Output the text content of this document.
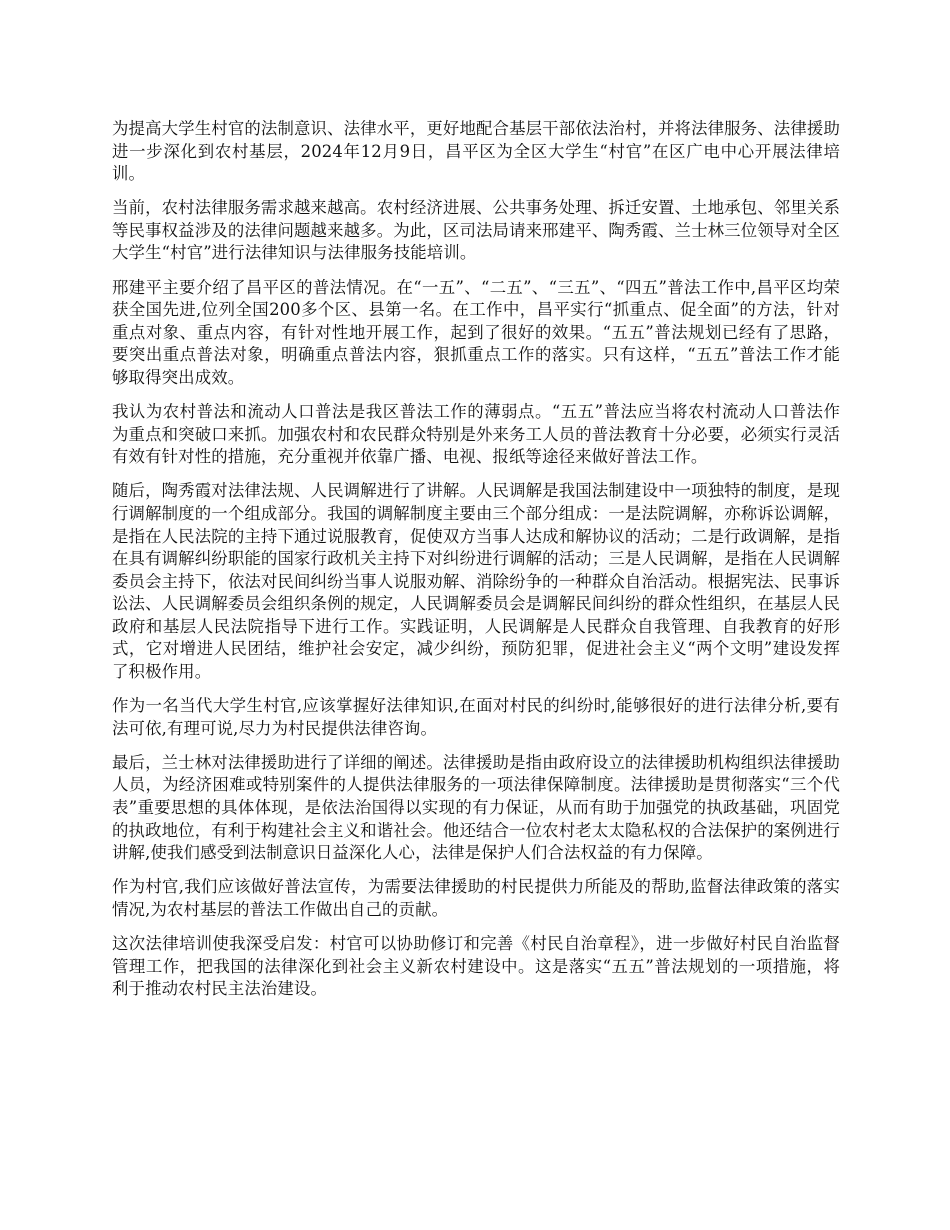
为提高大学生村官的法制意识、法律水平，更好地配合基层干部依法治村，并将法律服务、法律援助进一步深化到农村基层，2024年12月9日，昌平区为全区大学生“村官”在区广电中心开展法律培训。

当前，农村法律服务需求越来越高。农村经济进展、公共事务处理、拆迁安置、土地承包、邻里关系等民事权益涉及的法律问题越来越多。为此，区司法局请来邢建平、陶秀霞、兰士林三位领导对全区大学生“村官”进行法律知识与法律服务技能培训。

邢建平主要介绍了昌平区的普法情况。在“一五”、“二五”、“三五”、“四五”普法工作中,昌平区均荣获全国先进,位列全国200多个区、县第一名。在工作中，昌平实行“抓重点、促全面”的方法，针对重点对象、重点内容，有针对性地开展工作，起到了很好的效果。“五五”普法规划已经有了思路，要突出重点普法对象，明确重点普法内容，狠抓重点工作的落实。只有这样，“五五”普法工作才能够取得突出成效。

我认为农村普法和流动人口普法是我区普法工作的薄弱点。“五五”普法应当将农村流动人口普法作为重点和突破口来抓。加强农村和农民群众特别是外来务工人员的普法教育十分必要，必须实行灵活有效有针对性的措施，充分重视并依靠广播、电视、报纸等途径来做好普法工作。

随后，陶秀霞对法律法规、人民调解进行了讲解。人民调解是我国法制建设中一项独特的制度，是现行调解制度的一个组成部分。我国的调解制度主要由三个部分组成：一是法院调解，亦称诉讼调解，是指在人民法院的主持下通过说服教育，促使双方当事人达成和解协议的活动；二是行政调解，是指在具有调解纠纷职能的国家行政机关主持下对纠纷进行调解的活动；三是人民调解，是指在人民调解委员会主持下，依法对民间纠纷当事人说服劝解、消除纷争的一种群众自治活动。根据宪法、民事诉讼法、人民调解委员会组织条例的规定，人民调解委员会是调解民间纠纷的群众性组织，在基层人民政府和基层人民法院指导下进行工作。实践证明，人民调解是人民群众自我管理、自我教育的好形式，它对增进人民团结，维护社会安定，减少纠纷，预防犯罪，促进社会主义“两个文明”建设发挥了积极作用。

作为一名当代大学生村官,应该掌握好法律知识,在面对村民的纠纷时,能够很好的进行法律分析,要有法可依,有理可说,尽力为村民提供法律咨询。

最后，兰士林对法律援助进行了详细的阐述。法律援助是指由政府设立的法律援助机构组织法律援助人员，为经济困难或特别案件的人提供法律服务的一项法律保障制度。法律援助是贯彻落实“三个代表”重要思想的具体体现，是依法治国得以实现的有力保证，从而有助于加强党的执政基础，巩固党的执政地位，有利于构建社会主义和谐社会。他还结合一位农村老太太隐私权的合法保护的案例进行讲解,使我们感受到法制意识日益深化人心，法律是保护人们合法权益的有力保障。

作为村官,我们应该做好普法宣传，为需要法律援助的村民提供力所能及的帮助,监督法律政策的落实情况,为农村基层的普法工作做出自己的贡献。

这次法律培训使我深受启发：村官可以协助修订和完善《村民自治章程》，进一步做好村民自治监督管理工作，把我国的法律深化到社会主义新农村建设中。这是落实“五五”普法规划的一项措施，将利于推动农村民主法治建设。
